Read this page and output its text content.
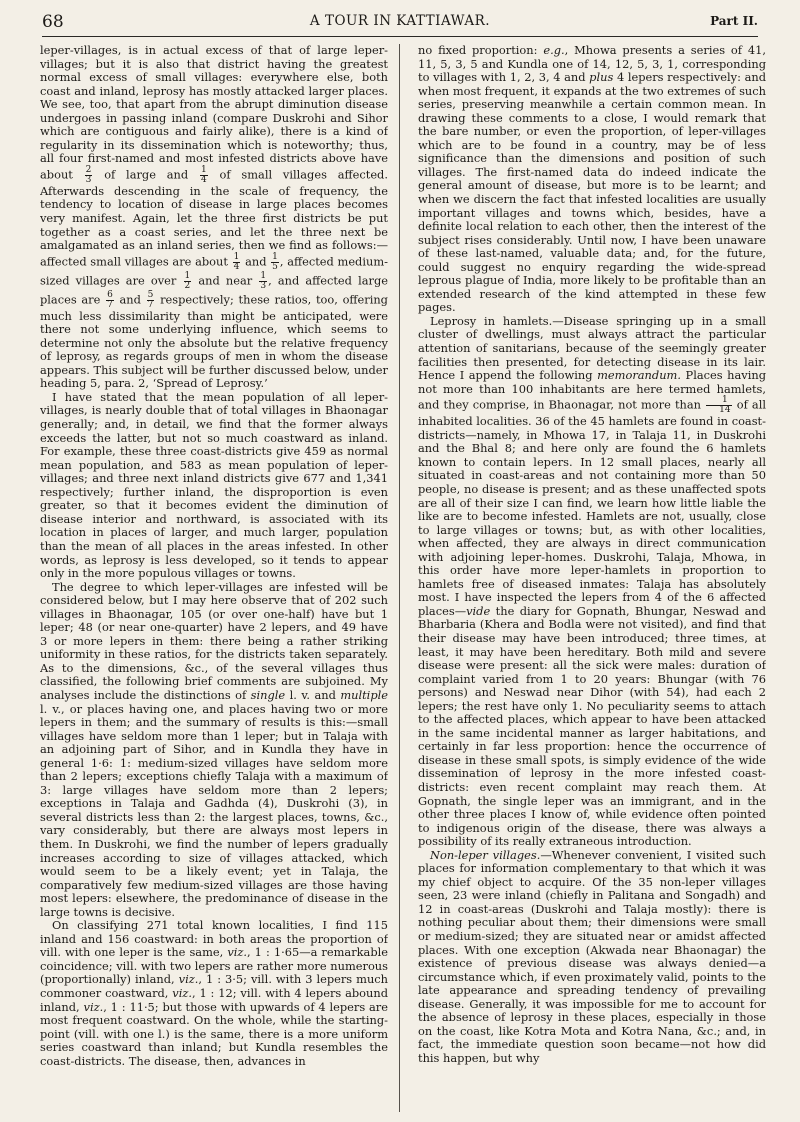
68	A TOUR IN KATTIAWAR.	Part II.

leper-villages, is in actual excess of that of large leper-villages; but it is also that district having the greatest normal excess of small villages: everywhere else, both coast and inland, leprosy has mostly attacked larger places. We see, too, that apart from the abrupt diminution disease undergoes in passing inland (compare Duskrohi and Sihor which are contiguous and fairly alike), there is a kind of regularity in its dissemination which is noteworthy; thus, all four first-named and most infested districts above have about $\frac{2}{3}$ of large and $\frac{1}{4}$ of small villages affected. Afterwards descending in the scale of frequency, the tendency to location of disease in large places becomes very manifest. Again, let the three first districts be put together as a coast series, and let the three next be amalgamated as an inland series, then we find as follows:—affected small villages are about $\frac{1}{4}$ and $\frac{1}{5}$ , affected medium-sized villages are over $\frac{1}{2}$ and near $\frac{1}{3}$ , and affected large places are $\frac{6}{7}$ and $\frac{5}{7}$ respectively; these ratios, too, offering much less dissimilarity than might be anticipated, were there not some underlying influence, which seems to determine not only the absolute but the relative frequency of leprosy, as regards groups of men in whom the disease appears. This subject will be further discussed below, under heading 5, para. 2, ‘Spread of Leprosy.’

I have stated that the mean population of all leper-villages, is nearly double that of total villages in Bhaonagar generally; and, in detail, we find that the former always exceeds the latter, but not so much coastward as inland. For example, these three coast-districts give 459 as normal mean population, and 583 as mean population of leper-villages; and three next inland districts give 677 and 1,341 respectively; further inland, the disproportion is even greater, so that it becomes evident the diminution of disease interior and northward, is associated with its location in places of larger, and much larger, population than the mean of all places in the areas infested. In other words, as leprosy is less developed, so it tends to appear only in the more populous villages or towns.

The degree to which leper-villages are infested will be considered below, but I may here observe that of 202 such villages in Bhaonagar, 105 (or over one-half) have but 1 leper; 48 (or near one-quarter) have 2 lepers, and 49 have 3 or more lepers in them: there being a rather striking uniformity in these ratios, for the districts taken separately. As to the dimensions, &c., of the several villages thus classified, the following brief comments are subjoined. My analyses include the distinctions of single l. v. and multiple l. v., or places having one, and places having two or more lepers in them; and the summary of results is this:—small villages have seldom more than 1 leper; but in Talaja with an adjoining part of Sihor, and in Kundla they have in general 1·6: 1: medium-sized villages have seldom more than 2 lepers; exceptions chiefly Talaja with a maximum of 3: large villages have seldom more than 2 lepers; exceptions in Talaja and Gadhda (4), Duskrohi (3), in several districts less than 2: the largest places, towns, &c., vary considerably, but there are always most lepers in them. In Duskrohi, we find the number of lepers gradually increases according to size of villages attacked, which would seem to be a likely event; yet in Talaja, the comparatively few medium-sized villages are those having most lepers: elsewhere, the predominance of disease in the large towns is decisive.

On classifying 271 total known localities, I find 115 inland and 156 coastward: in both areas the proportion of vill. with one leper is the same, viz., 1 : 1·65—a remarkable coincidence; vill. with two lepers are rather more numerous (proportionally) inland, viz., 1 : 3·5; vill. with 3 lepers much commoner coastward, viz., 1 : 12; vill. with 4 lepers abound inland, viz., 1 : 11·5; but those with upwards of 4 lepers are most frequent coastward. On the whole, while the starting-point (vill. with one l.) is the same, there is a more uniform series coastward than inland; but Kundla resembles the coast-districts. The disease, then, advances in

no fixed proportion: e.g., Mhowa presents a series of 41, 11, 5, 3, 5 and Kundla one of 14, 12, 5, 3, 1, corresponding to villages with 1, 2, 3, 4 and plus 4 lepers respectively: and when most frequent, it expands at the two extremes of such series, preserving meanwhile a certain common mean. In drawing these comments to a close, I would remark that the bare number, or even the proportion, of leper-villages which are to be found in a country, may be of less significance than the dimensions and position of such villages. The first-named data do indeed indicate the general amount of disease, but more is to be learnt; and when we discern the fact that infested localities are usually important villages and towns which, besides, have a definite local relation to each other, then the interest of the subject rises considerably. Until now, I have been unaware of these last-named, valuable data; and, for the future, could suggest no enquiry regarding the wide-spread leprous plague of India, more likely to be profitable than an extended research of the kind attempted in these few pages.

Leprosy in hamlets.—Disease springing up in a small cluster of dwellings, must always attract the particular attention of sanitarians, because of the seemingly greater facilities then presented, for detecting disease in its lair. Hence I append the following memorandum. Places having not more than 100 inhabitants are here termed hamlets, and they comprise, in Bhaonagar, not more than $\frac{1}{14}$ of all inhabited localities. 36 of the 45 hamlets are found in coast-districts—namely, in Mhowa 17, in Talaja 11, in Duskrohi and the Bhal 8; and here only are found the 6 hamlets known to contain lepers. In 12 small places, nearly all situated in coast-areas and not containing more than 50 people, no disease is present; and as these unaffected spots are all of their size I can find, we learn how little liable the like are to become infested. Hamlets are not, usually, close to large villages or towns; but, as with other localities, when affected, they are always in direct communication with adjoining leper-homes. Duskrohi, Talaja, Mhowa, in this order have more leper-hamlets in proportion to hamlets free of diseased inmates: Talaja has absolutely most. I have inspected the lepers from 4 of the 6 affected places—vide the diary for Gopnath, Bhungar, Neswad and Bharbaria (Khera and Bodla were not visited), and find that their disease may have been introduced; three times, at least, it may have been hereditary. Both mild and severe disease were present: all the sick were males: duration of complaint varied from 1 to 20 years: Bhungar (with 76 persons) and Neswad near Dihor (with 54), had each 2 lepers; the rest have only 1. No peculiarity seems to attach to the affected places, which appear to have been attacked in the same incidental manner as larger habitations, and certainly in far less proportion: hence the occurrence of disease in these small spots, is simply evidence of the wide dissemination of leprosy in the more infested coast-districts: even recent complaint may reach them. At Gopnath, the single leper was an immigrant, and in the other three places I know of, while evidence often pointed to indigenous origin of the disease, there was always a possibility of its really extraneous introduction.

Non-leper villages.—Whenever convenient, I visited such places for information complementary to that which it was my chief object to acquire. Of the 35 non-leper villages seen, 23 were inland (chiefly in Palitana and Songadh) and 12 in coast-areas (Duskrohi and Talaja mostly): there is nothing peculiar about them; their dimensions were small or medium-sized; they are situated near or amidst affected places. With one exception (Akwada near Bhaonagar) the existence of previous disease was always denied—a circumstance which, if even proximately valid, points to the late appearance and spreading tendency of prevailing disease. Generally, it was impossible for me to account for the absence of leprosy in these places, especially in those on the coast, like Kotra Mota and Kotra Nana, &c.; and, in fact, the immediate question soon became—not how did this happen, but why
